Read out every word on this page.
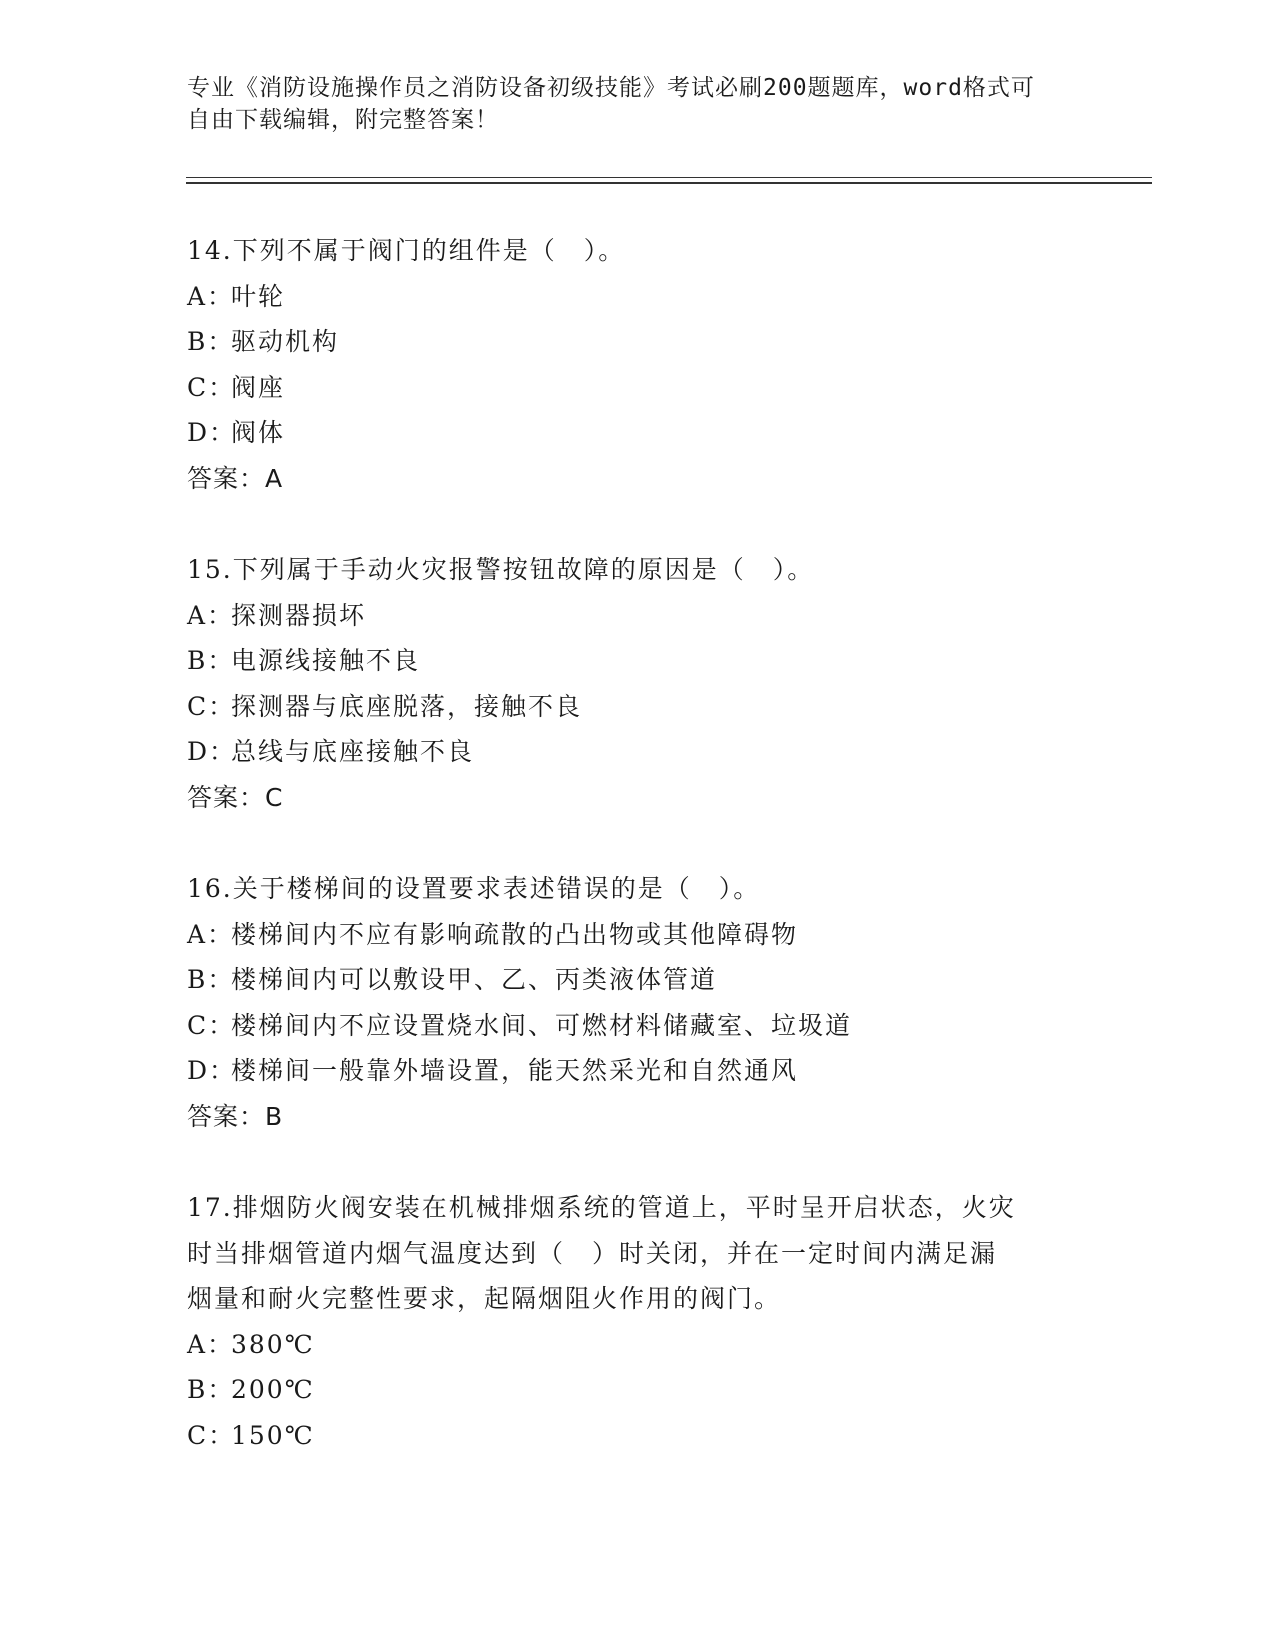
专业《消防设施操作员之消防设备初级技能》考试必刷200题题库，word格式可
自由下载编辑，附完整答案！
14.下列不属于阀门的组件是（　）。
A：叶轮
B：驱动机构
C：阀座
D：阀体
答案：A
15.下列属于手动火灾报警按钮故障的原因是（　）。
A：探测器损坏
B：电源线接触不良
C：探测器与底座脱落，接触不良
D：总线与底座接触不良
答案：C
16.关于楼梯间的设置要求表述错误的是（　）。
A：楼梯间内不应有影响疏散的凸出物或其他障碍物
B：楼梯间内可以敷设甲、乙、丙类液体管道
C：楼梯间内不应设置烧水间、可燃材料储藏室、垃圾道
D：楼梯间一般靠外墙设置，能天然采光和自然通风
答案：B
17.排烟防火阀安装在机械排烟系统的管道上，平时呈开启状态，火灾
时当排烟管道内烟气温度达到（　）时关闭，并在一定时间内满足漏
烟量和耐火完整性要求，起隔烟阻火作用的阀门。
A：380℃
B：200℃
C：150℃
